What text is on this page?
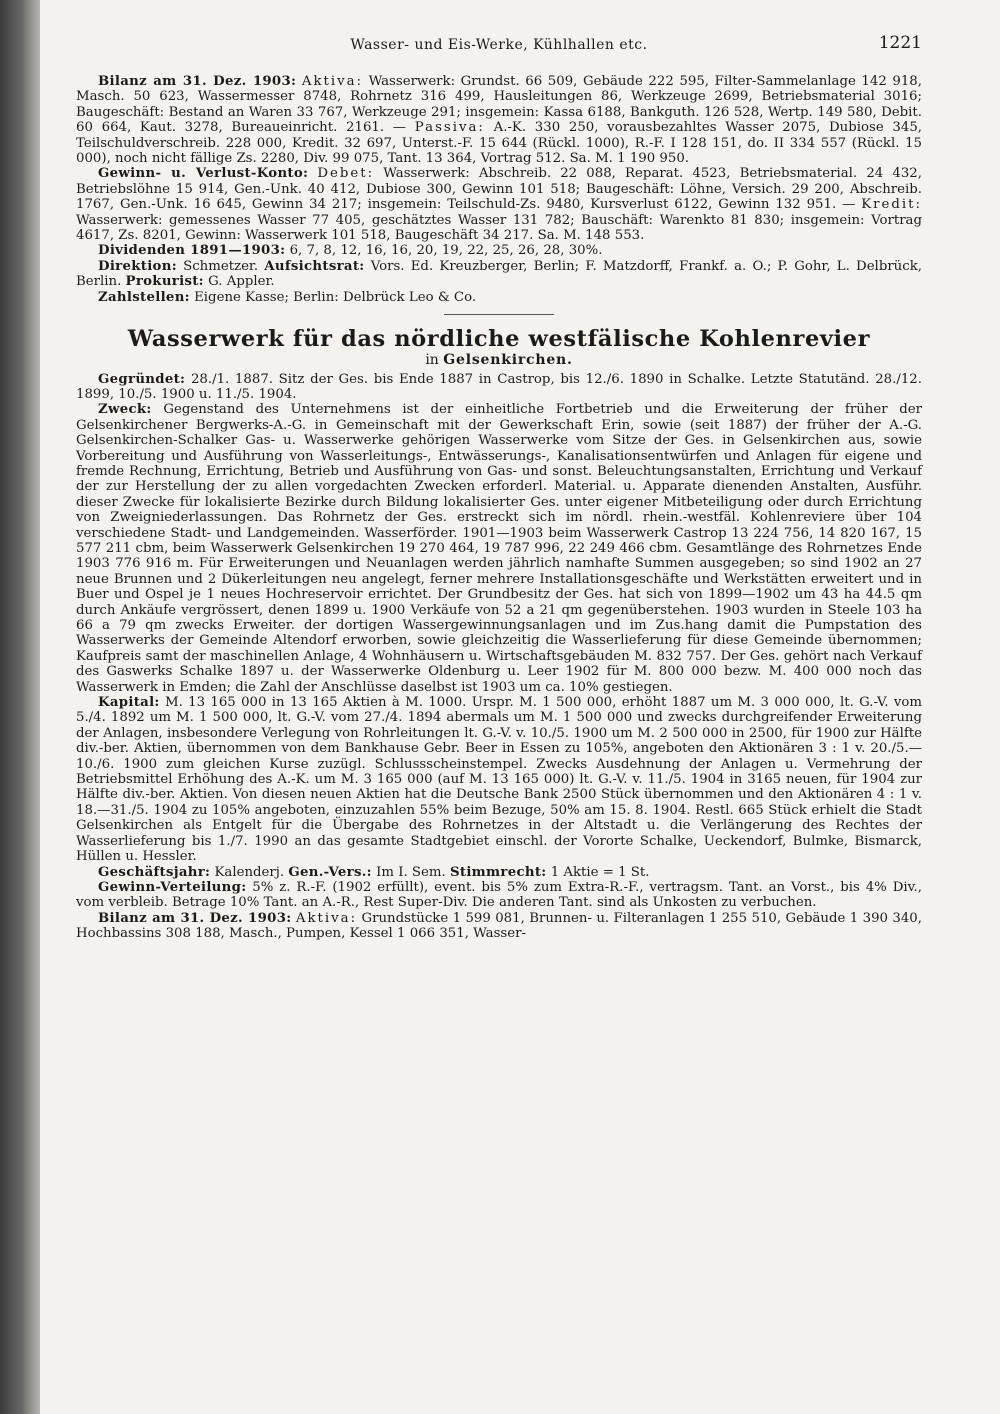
Wasser- und Eis-Werke, Kühlhallen etc.	1221

Bilanz am 31. Dez. 1903: Aktiva: Wasserwerk: Grundst. 66 509, Gebäude 222 595, Filter-Sammelanlage 142 918, Masch. 50 623, Wassermesser 8748, Rohrnetz 316 499, Hausleitungen 86, Werkzeuge 2699, Betriebsmaterial 3016; Baugeschäft: Bestand an Waren 33 767, Werkzeuge 291; insgemein: Kassa 6188, Bankguth. 126 528, Wertp. 149 580, Debit. 60 664, Kaut. 3278, Bureaueinricht. 2161. — Passiva: A.-K. 330 250, vorausbezahltes Wasser 2075, Dubiose 345, Teilschuldverschreib. 228 000, Kredit. 32 697, Unterst.-F. 15 644 (Rückl. 1000), R.-F. I 128 151, do. II 334 557 (Rückl. 15 000), noch nicht fällige Zs. 2280, Div. 99 075, Tant. 13 364, Vortrag 512. Sa. M. 1 190 950.

Gewinn- u. Verlust-Konto: Debet: Wasserwerk: Abschreib. 22 088, Reparat. 4523, Betriebsmaterial. 24 432, Betriebslöhne 15 914, Gen.-Unk. 40 412, Dubiose 300, Gewinn 101 518; Baugeschäft: Löhne, Versich. 29 200, Abschreib. 1767, Gen.-Unk. 16 645, Gewinn 34 217; insgemein: Teilschuld-Zs. 9480, Kursverlust 6122, Gewinn 132 951. — Kredit: Wasserwerk: gemessenes Wasser 77 405, geschätztes Wasser 131 782; Bauschäft: Warenkto 81 830; insgemein: Vortrag 4617, Zs. 8201, Gewinn: Wasserwerk 101 518, Baugeschäft 34 217. Sa. M. 148 553.

Dividenden 1891—1903: 6, 7, 8, 12, 16, 16, 20, 19, 22, 25, 26, 28, 30%.

Direktion: Schmetzer. Aufsichtsrat: Vors. Ed. Kreuzberger, Berlin; F. Matzdorff, Frankf. a. O.; P. Gohr, L. Delbrück, Berlin. Prokurist: G. Appler.

Zahlstellen: Eigene Kasse; Berlin: Delbrück Leo & Co.

Wasserwerk für das nördliche westfälische Kohlenrevier
in Gelsenkirchen.

Gegründet: 28./1. 1887. Sitz der Ges. bis Ende 1887 in Castrop, bis 12./6. 1890 in Schalke. Letzte Statutänd. 28./12. 1899, 10./5. 1900 u. 11./5. 1904.

Zweck: Gegenstand des Unternehmens ist der einheitliche Fortbetrieb und die Erweiterung der früher der Gelsenkirchener Bergwerks-A.-G. in Gemeinschaft mit der Gewerkschaft Erin, sowie (seit 1887) der früher der A.-G. Gelsenkirchen-Schalker Gas- u. Wasserwerke gehörigen Wasserwerke vom Sitze der Ges. in Gelsenkirchen aus, sowie Vorbereitung und Ausführung von Wasserleitungs-, Entwässerungs-, Kanalisationsentwürfen und Anlagen für eigene und fremde Rechnung, Errichtung, Betrieb und Ausführung von Gas- und sonst. Beleuchtungsanstalten, Errichtung und Verkauf der zur Herstellung der zu allen vorgedachten Zwecken erforderl. Material. u. Apparate dienenden Anstalten, Ausführ. dieser Zwecke für lokalisierte Bezirke durch Bildung lokalisierter Ges. unter eigener Mitbeteiligung oder durch Errichtung von Zweigniederlassungen. Das Rohrnetz der Ges. erstreckt sich im nördl. rhein.-westfäl. Kohlenreviere über 104 verschiedene Stadt- und Landgemeinden. Wasserförder. 1901—1903 beim Wasserwerk Castrop 13 224 756, 14 820 167, 15 577 211 cbm, beim Wasserwerk Gelsenkirchen 19 270 464, 19 787 996, 22 249 466 cbm. Gesamtlänge des Rohrnetzes Ende 1903 776 916 m. Für Erweiterungen und Neuanlagen werden jährlich namhafte Summen ausgegeben; so sind 1902 an 27 neue Brunnen und 2 Dükerleitungen neu angelegt, ferner mehrere Installationsgeschäfte und Werkstätten erweitert und in Buer und Ospel je 1 neues Hochreservoir errichtet. Der Grundbesitz der Ges. hat sich von 1899—1902 um 43 ha 44.5 qm durch Ankäufe vergrössert, denen 1899 u. 1900 Verkäufe von 52 a 21 qm gegenüberstehen. 1903 wurden in Steele 103 ha 66 a 79 qm zwecks Erweiter. der dortigen Wassergewinnungsanlagen und im Zus.hang damit die Pumpstation des Wasserwerks der Gemeinde Altendorf erworben, sowie gleichzeitig die Wasserlieferung für diese Gemeinde übernommen; Kaufpreis samt der maschinellen Anlage, 4 Wohnhäusern u. Wirtschaftsgebäuden M. 832 757. Der Ges. gehört nach Verkauf des Gaswerks Schalke 1897 u. der Wasserwerke Oldenburg u. Leer 1902 für M. 800 000 bezw. M. 400 000 noch das Wasserwerk in Emden; die Zahl der Anschlüsse daselbst ist 1903 um ca. 10% gestiegen.

Kapital: M. 13 165 000 in 13 165 Aktien à M. 1000. Urspr. M. 1 500 000, erhöht 1887 um M. 3 000 000, lt. G.-V. vom 5./4. 1892 um M. 1 500 000, lt. G.-V. vom 27./4. 1894 abermals um M. 1 500 000 und zwecks durchgreifender Erweiterung der Anlagen, insbesondere Verlegung von Rohrleitungen lt. G.-V. v. 10./5. 1900 um M. 2 500 000 in 2500, für 1900 zur Hälfte div.-ber. Aktien, übernommen von dem Bankhause Gebr. Beer in Essen zu 105%, angeboten den Aktionären 3 : 1 v. 20./5.—10./6. 1900 zum gleichen Kurse zuzügl. Schlussscheinstempel. Zwecks Ausdehnung der Anlagen u. Vermehrung der Betriebsmittel Erhöhung des A.-K. um M. 3 165 000 (auf M. 13 165 000) lt. G.-V. v. 11./5. 1904 in 3165 neuen, für 1904 zur Hälfte div.-ber. Aktien. Von diesen neuen Aktien hat die Deutsche Bank 2500 Stück übernommen und den Aktionären 4 : 1 v. 18.—31./5. 1904 zu 105% angeboten, einzuzahlen 55% beim Bezuge, 50% am 15. 8. 1904. Restl. 665 Stück erhielt die Stadt Gelsenkirchen als Entgelt für die Übergabe des Rohrnetzes in der Altstadt u. die Verlängerung des Rechtes der Wasserlieferung bis 1./7. 1990 an das gesamte Stadtgebiet einschl. der Vororte Schalke, Ueckendorf, Bulmke, Bismarck, Hüllen u. Hessler.

Geschäftsjahr: Kalenderj. Gen.-Vers.: Im I. Sem. Stimmrecht: 1 Aktie = 1 St.

Gewinn-Verteilung: 5% z. R.-F. (1902 erfüllt), event. bis 5% zum Extra-R.-F., vertragsm. Tant. an Vorst., bis 4% Div., vom verbleib. Betrage 10% Tant. an A.-R., Rest Super-Div. Die anderen Tant. sind als Unkosten zu verbuchen.

Bilanz am 31. Dez. 1903: Aktiva: Grundstücke 1 599 081, Brunnen- u. Filteranlagen 1 255 510, Gebäude 1 390 340, Hochbassins 308 188, Masch., Pumpen, Kessel 1 066 351, Wasser-
